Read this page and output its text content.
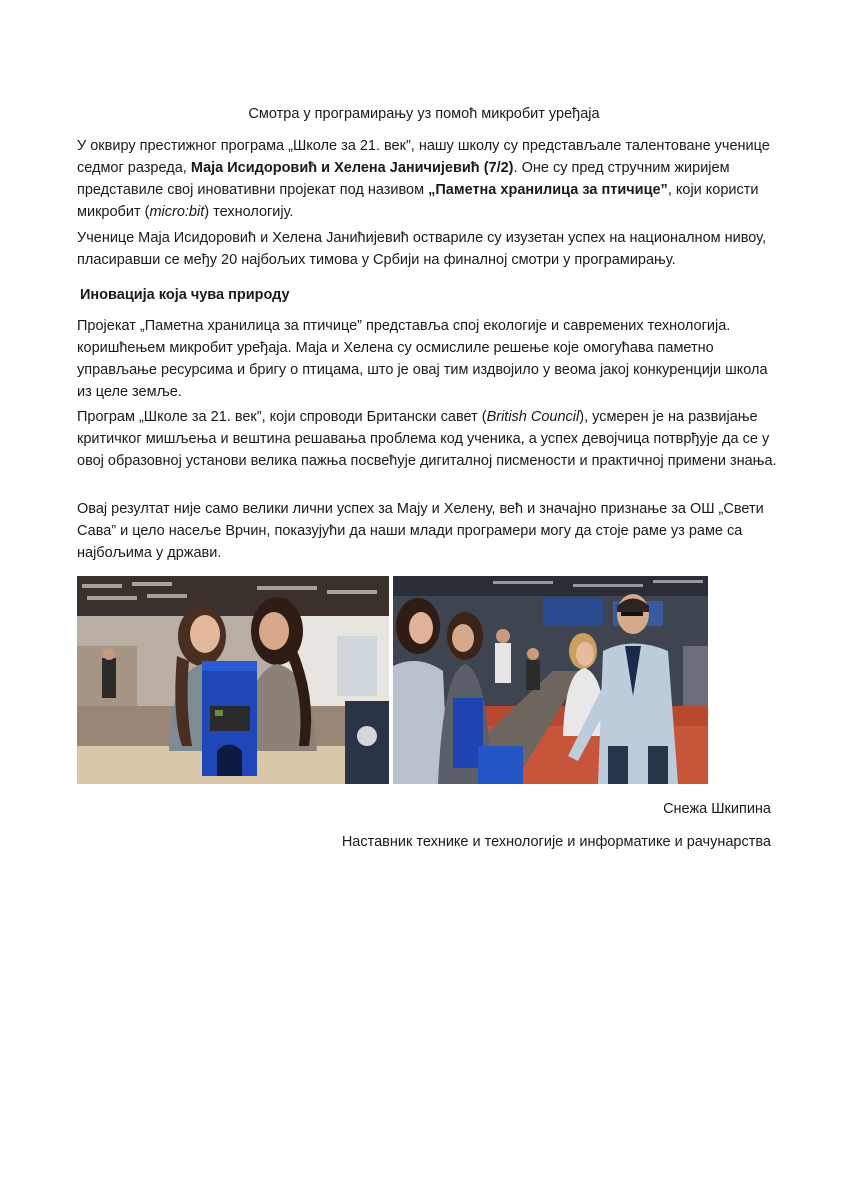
Смотра у програмирању уз помоћ микробит уређаја

У оквиру престижног програма „Школе за 21. век”, нашу школу су представљале талентоване ученице седмог разреда, Маја Исидоровић и Хелена Јаничијевић (7/2). Оне су пред стручним жиријем представиле свој иновативни пројекат под називом „Паметна хранилица за птичице”, који користи микробит (micro:bit) технологију.

Ученице Маја Исидоровић и Хелена Јанићијевић оствариле су изузетан успех на националном нивоу, пласиравши се међу 20 најбољих тимова у Србији на финалној смотри у програмирању.

Иновација која чува природу

Пројекат „Паметна хранилица за птичице” представља спој екологије и савремених технологија. коришћењем микробит уређаја. Маја и Хелена су осмислиле решење које омогућава паметно управљање ресурсима и бригу о птицама, што је овај тим издвојило у веома јакој конкуренцији школа из целе земље.

Програм „Школе за 21. век”, који спроводи Британски савет (British Council), усмерен је на развијање критичког мишљења и вештина решавања проблема код ученика, а успех девојчица потврђује да се у овој образовној установи велика пажња посвећује дигиталној писмености и практичној примени знања.

Овај резултат није само велики лични успех за Мају и Хелену, већ и значајно признање за ОШ „Свети Сава” и цело насеље Врчин, показујући да наши млади програмери могу да стоје раме уз раме са најбољима у држави.

Снежа Шкипина
Наставник технике и технологије и информатике и рачунарства
